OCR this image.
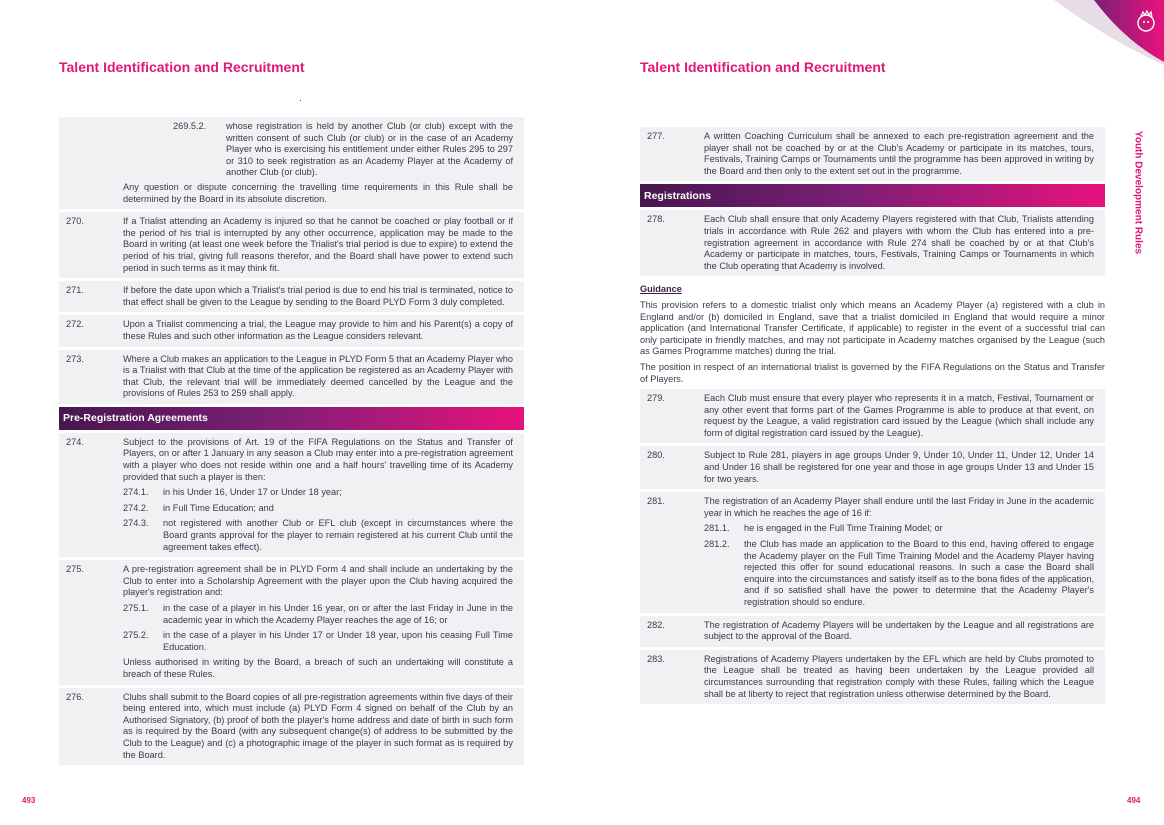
Talent Identification and Recruitment	Talent Identification and Recruitment
Youth Development Rules
269.5.2.	whose registration is held by another Club (or club) except with the written consent of such Club (or club) or in the case of an Academy Player who is exercising his entitlement under either Rules 295 to 297 or 310 to seek registration as an Academy Player at the Academy of another Club (or club).
Any question or dispute concerning the travelling time requirements in this Rule shall be determined by the Board in its absolute discretion.
270.	If a Trialist attending an Academy is injured so that he cannot be coached or play football or if the period of his trial is interrupted by any other occurrence, application may be made to the Board in writing (at least one week before the Trialist's trial period is due to expire) to extend the period of his trial, giving full reasons therefor, and the Board shall have power to extend such period in such terms as it may think fit.
271.	If before the date upon which a Trialist's trial period is due to end his trial is terminated, notice to that effect shall be given to the League by sending to the Board PLYD Form 3 duly completed.
272.	Upon a Trialist commencing a trial, the League may provide to him and his Parent(s) a copy of these Rules and such other information as the League considers relevant.
273.	Where a Club makes an application to the League in PLYD Form 5 that an Academy Player who is a Trialist with that Club at the time of the application be registered as an Academy Player with that Club, the relevant trial will be immediately deemed cancelled by the League and the provisions of Rules 253 to 259 shall apply.
Pre-Registration Agreements
274.	Subject to the provisions of Art. 19 of the FIFA Regulations on the Status and Transfer of Players, on or after 1 January in any season a Club may enter into a pre-registration agreement with a player who does not reside within one and a half hours' travelling time of its Academy provided that such a player is then:
274.1.	in his Under 16, Under 17 or Under 18 year;
274.2.	in Full Time Education; and
274.3.	not registered with another Club or EFL club (except in circumstances where the Board grants approval for the player to remain registered at his current Club until the agreement takes effect).
275.	A pre-registration agreement shall be in PLYD Form 4 and shall include an undertaking by the Club to enter into a Scholarship Agreement with the player upon the Club having acquired the player's registration and:
275.1.	in the case of a player in his Under 16 year, on or after the last Friday in June in the academic year in which the Academy Player reaches the age of 16; or
275.2.	in the case of a player in his Under 17 or Under 18 year, upon his ceasing Full Time Education.
Unless authorised in writing by the Board, a breach of such an undertaking will constitute a breach of these Rules.
276.	Clubs shall submit to the Board copies of all pre-registration agreements within five days of their being entered into, which must include (a) PLYD Form 4 signed on behalf of the Club by an Authorised Signatory, (b) proof of both the player's home address and date of birth in such form as is required by the Board (with any subsequent change(s) of address to be submitted by the Club to the League) and (c) a photographic image of the player in such format as is required by the Board.
277.	A written Coaching Curriculum shall be annexed to each pre-registration agreement and the player shall not be coached by or at the Club's Academy or participate in its matches, tours, Festivals, Training Camps or Tournaments until the programme has been approved in writing by the Board and then only to the extent set out in the programme.
Registrations
278.	Each Club shall ensure that only Academy Players registered with that Club, Trialists attending trials in accordance with Rule 262 and players with whom the Club has entered into a pre-registration agreement in accordance with Rule 274 shall be coached by or at that Club's Academy or participate in matches, tours, Festivals, Training Camps or Tournaments in which the Club operating that Academy is involved.
Guidance

This provision refers to a domestic trialist only which means an Academy Player (a) registered with a club in England and/or (b) domiciled in England, save that a trialist domiciled in England that would require a minor application (and International Transfer Certificate, if applicable) to register in the event of a successful trial can only participate in friendly matches, and may not participate in Academy matches organised by the League (such as Games Programme matches) during the trial.

The position in respect of an international trialist is governed by the FIFA Regulations on the Status and Transfer of Players.

279.	Each Club must ensure that every player who represents it in a match, Festival, Tournament or any other event that forms part of the Games Programme is able to produce at that event, on request by the League, a valid registration card issued by the League (which shall include any form of digital registration card issued by the League).
280.	Subject to Rule 281, players in age groups Under 9, Under 10, Under 11, Under 12, Under 14 and Under 16 shall be registered for one year and those in age groups Under 13 and Under 15 for two years.
281.	The registration of an Academy Player shall endure until the last Friday in June in the academic year in which he reaches the age of 16 if:
281.1.	he is engaged in the Full Time Training Model; or
281.2.	the Club has made an application to the Board to this end, having offered to engage the Academy player on the Full Time Training Model and the Academy Player having rejected this offer for sound educational reasons. In such a case the Board shall enquire into the circumstances and satisfy itself as to the bona fides of the application, and if so satisfied shall have the power to determine that the Academy Player's registration should so endure.
282.	The registration of Academy Players will be undertaken by the League and all registrations are subject to the approval of the Board.
283.	Registrations of Academy Players undertaken by the EFL which are held by Clubs promoted to the League shall be treated as having been undertaken by the League provided all circumstances surrounding that registration comply with these Rules, failing which the League shall be at liberty to reject that registration unless otherwise determined by the Board.
493	494
